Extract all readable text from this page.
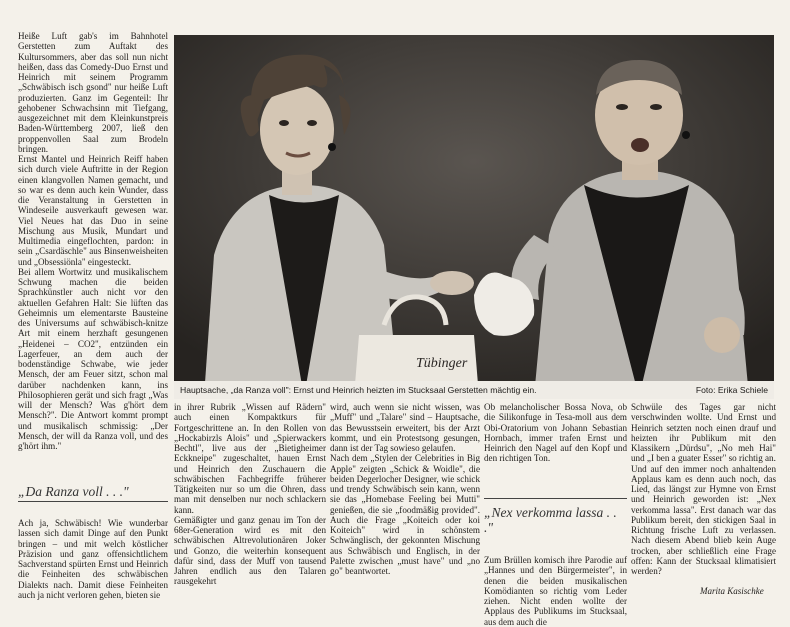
Heiße Luft gab's im Bahnhotel Gerstetten zum Auftakt des Kultursommers, aber das soll nun nicht heißen, dass das Comedy-Duo Ernst und Heinrich mit seinem Programm „Schwäbisch isch gsond" nur heiße Luft produzierten. Ganz im Gegenteil: Ihr gehobener Schwachsinn mit Tiefgang, ausgezeichnet mit dem Kleinkunstpreis Baden-Württemberg 2007, ließ den proppenvollen Saal zum Brodeln bringen.
Ernst Mantel und Heinrich Reiff haben sich durch viele Auftritte in der Region einen klangvollen Namen gemacht, und so war es denn auch kein Wunder, dass die Veranstaltung in Gerstetten in Windeseile ausverkauft gewesen war. Viel Neues hat das Duo in seine Mischung aus Musik, Mundart und Multimedia eingeflochten, pardon: in sein „Csardäschle" aus Binsenweisheiten und „Obsessiönla" eingesteckt.
Bei allem Wortwitz und musikalischem Schwung machen die beiden Sprachkünstler auch nicht vor den aktuellen Gefahren Halt: Sie lüften das Geheimnis um elementarste Bausteine des Universums auf schwäbisch-knitze Art mit einem herzhaft gesungenen „Heidenei – CO2", entzünden ein Lagerfeuer, an dem auch der bodenständige Schwabe, wie jeder Mensch, der am Feuer sitzt, schon mal darüber nachdenken kann, ins Philosophieren gerät und sich fragt „Was will der Mensch? Was g'hört dem Mensch?". Die Antwort kommt prompt und musikalisch schmissig: „Der Mensch, der will da Ranza voll, und des g'hört ihm."
„Da Ranza voll . . ."
Ach ja, Schwäbisch! Wie wunderbar lassen sich damit Dinge auf den Punkt bringen – und mit welch köstlicher Präzision und ganz offensichtlichem Sachverstand spürten Ernst und Heinrich die Feinheiten des schwäbischen Dialekts nach. Damit diese Feinheiten auch ja nicht verloren gehen, bieten sie
Tübinger
Hauptsache, „da Ranza voll": Ernst und Heinrich heizten im Stucksaal Gerstetten mächtig ein.	Foto: Erika Schiele
in ihrer Rubrik „Wissen auf Rädern" auch einen Kompaktkurs für Fortgeschrittene an. In den Rollen von „Hockabirzls Alois" und „Spierwackers Bechtl", live aus der „Bietigheimer Eckkneipe" zugeschaltet, hauen Ernst und Heinrich den Zuschauern die schwäbischen Fachbegriffe früherer Tätigkeiten nur so um die Ohren, dass man mit denselben nur noch schlackern kann.
Gemäßigter und ganz genau im Ton der 68er-Generation wird es mit den schwäbischen Altrevolutionären Joker und Gonzo, die weiterhin konsequent dafür sind, dass der Muff von tausend Jahren endlich aus den Talaren rausgekehrt
wird, auch wenn sie nicht wissen, was „Muff" und „Talare" sind – Hauptsache, das Bewusstsein erweitert, bis der Arzt kommt, und ein Protestsong gesungen, dann ist der Tag sowieso gelaufen.
Nach dem „Stylen der Celebrities in Big Apple" zeigten „Schick & Woidle", die beiden Degerlocher Designer, wie schick und trendy Schwäbisch sein kann, wenn sie das „Homebase Feeling bei Mutti" genießen, die sie „foodmäßig provided". Auch die Frage „Koiteich oder koi Koiteich" wird in schönstem Schwänglisch, der gekonnten Mischung aus Schwäbisch und Englisch, in der Palette zwischen „must have" und „no go" beantwortet.
Ob melancholischer Bossa Nova, ob die Silikonfuge in Tesa-moll aus dem Obi-Oratorium von Johann Sebastian Hornbach, immer trafen Ernst und Heinrich den Nagel auf den Kopf und den richtigen Ton.
„Nex verkomma lassa . . ."
Zum Brüllen komisch ihre Parodie auf „Hannes und den Bürgermeister", in denen die beiden musikalischen Komödianten so richtig vom Leder ziehen. Nicht enden wollte der Applaus des Publikums im Stucksaal, aus dem auch die
Schwüle des Tages gar nicht verschwinden wollte. Und Ernst und Heinrich setzten noch einen drauf und heizten ihr Publikum mit den Klassikern „Dürdsu", „No meh Hai" und „I ben a guater Esser" so richtig an.
Und auf den immer noch anhaltenden Applaus kam es denn auch noch, das Lied, das längst zur Hymne von Ernst und Heinrich geworden ist: „Nex verkomma lassa". Erst danach war das Publikum bereit, den stickigen Saal in Richtung frische Luft zu verlassen. Nach diesem Abend blieb kein Auge trocken, aber schließlich eine Frage offen: Kann der Stucksaal klimatisiert werden?
Marita Kasischke
